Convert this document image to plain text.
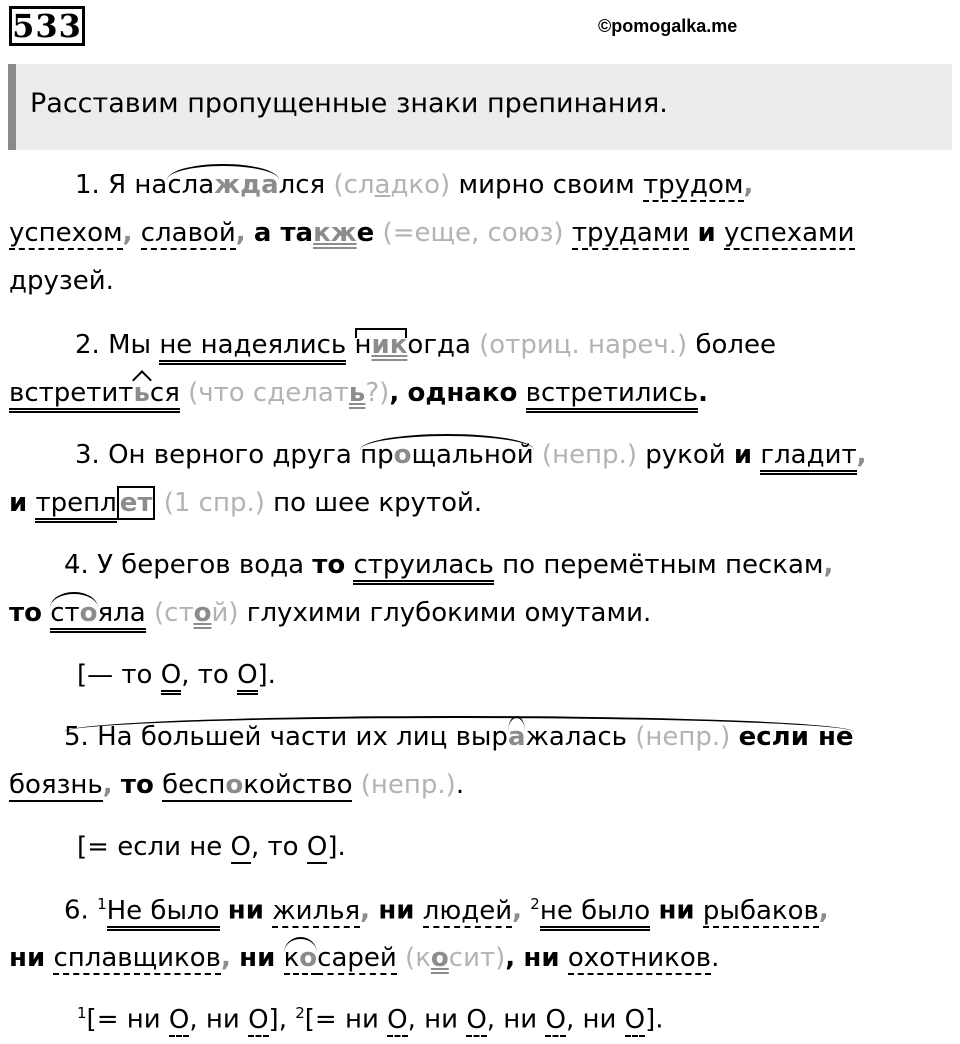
533	©pomogalka.me
Расставим пропущенные знаки препинания.
1. Я наслаждался (сладко) мирно своим трудом,
успехом, славой, а также (=еще, союз) трудами и успехами
друзей.
2. Мы не надеялись никогда (отриц. нареч.) более
встретиться (что сделать?), однако встретились.
3. Он верного друга прощальной (непр.) рукой и гладит,
и трепл ет (1 спр.) по шее крутой.
4. У берегов вода то струилась по перемётным пескам,
то стояла (стой) глухими глубокими омутами.
[— то О, то О].
5. На большей части их лиц выражалась (непр.) если не
боязнь, то беспокойство (непр.).
[= если не О, то О].
6. $^1$Не было ни жилья, ни людей, $^2$не было ни рыбаков,
ни сплавщиков, ни косарей (косит), ни охотников.
$^1$[= ни О, ни О], $^2$[= ни О, ни О, ни О, ни О].
